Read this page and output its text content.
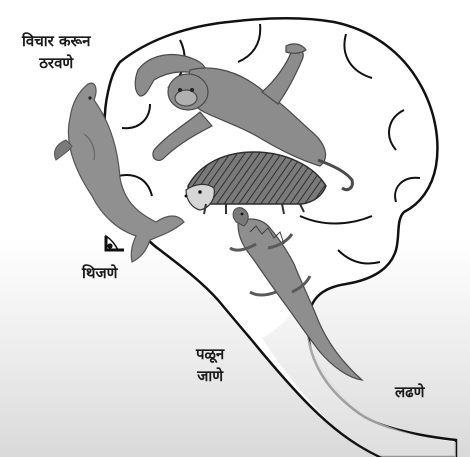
विचार करून
ठरवणे
थिजणे
पळून
जाणे
लढणे
